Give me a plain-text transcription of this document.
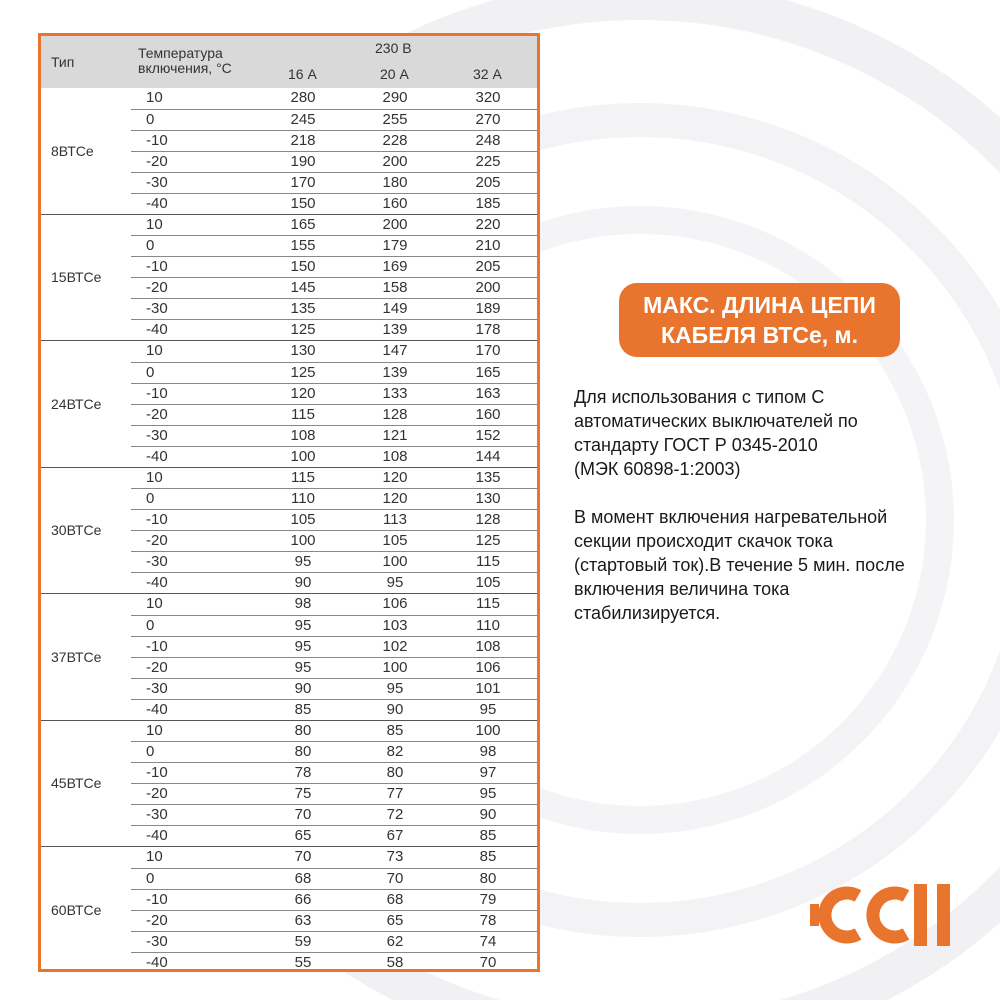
Тип
Температура
включения, °С
230 В
16 А	20 А	32 А
8ВТСе
10	280	290	320
0	245	255	270
-10	218	228	248
-20	190	200	225
-30	170	180	205
-40	150	160	185
15ВТСе
10	165	200	220
0	155	179	210
-10	150	169	205
-20	145	158	200
-30	135	149	189
-40	125	139	178
24ВТСе
10	130	147	170
0	125	139	165
-10	120	133	163
-20	115	128	160
-30	108	121	152
-40	100	108	144
30ВТСе
10	115	120	135
0	110	120	130
-10	105	113	128
-20	100	105	125
-30	95	100	115
-40	90	95	105
37ВТСе
10	98	106	115
0	95	103	110
-10	95	102	108
-20	95	100	106
-30	90	95	101
-40	85	90	95
45ВТСе
10	80	85	100
0	80	82	98
-10	78	80	97
-20	75	77	95
-30	70	72	90
-40	65	67	85
60ВТСе
10	70	73	85
0	68	70	80
-10	66	68	79
-20	63	65	78
-30	59	62	74
-40	55	58	70
МАКС. ДЛИНА ЦЕПИ
КАБЕЛЯ ВТСе, м.
Для использования с типом С
автоматических выключателей по
стандарту ГОСТ Р 0345-2010
(МЭК 60898-1:2003)
В момент включения нагревательной
секции происходит скачок тока
(стартовый ток).В течение 5 мин. после
включения величина тока
стабилизируется.
